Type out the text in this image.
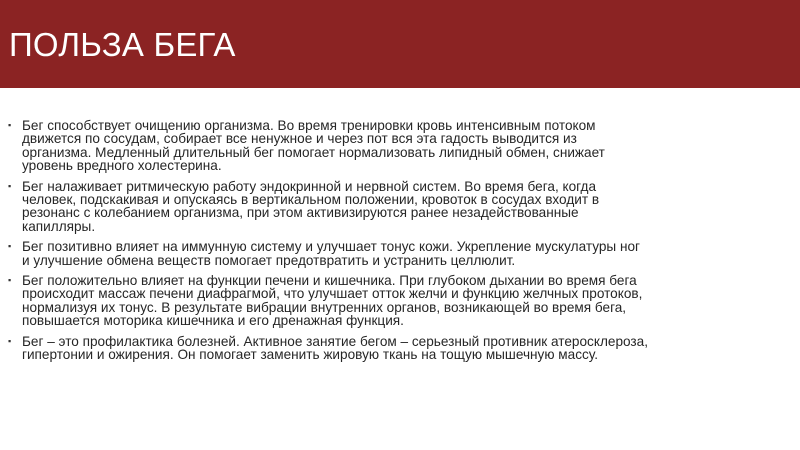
ПОЛЬЗА БЕГА
▪ Бег способствует очищению организма. Во время тренировки кровь интенсивным потоком движется по сосудам, собирает все ненужное и через пот вся эта гадость выводится из организма. Медленный длительный бег помогает нормализовать липидный обмен, снижает уровень вредного холестерина.
▪ Бег налаживает ритмическую работу эндокринной и нервной систем. Во время бега, когда человек, подскакивая и опускаясь в вертикальном положении, кровоток в сосудах входит в резонанс с колебанием организма, при этом активизируются ранее незадействованные капилляры.
▪ Бег позитивно влияет на иммунную систему и улучшает тонус кожи. Укрепление мускулатуры ног и улучшение обмена веществ помогает предотвратить и устранить целлюлит.
▪ Бег положительно влияет на функции печени и кишечника. При глубоком дыхании во время бега происходит массаж печени диафрагмой, что улучшает отток желчи и функцию желчных протоков, нормализуя их тонус. В результате вибрации внутренних органов, возникающей во время бега, повышается моторика кишечника и его дренажная функция.
▪ Бег – это профилактика болезней. Активное занятие бегом – серьезный противник атеросклероза, гипертонии и ожирения. Он помогает заменить жировую ткань на тощую мышечную массу.
